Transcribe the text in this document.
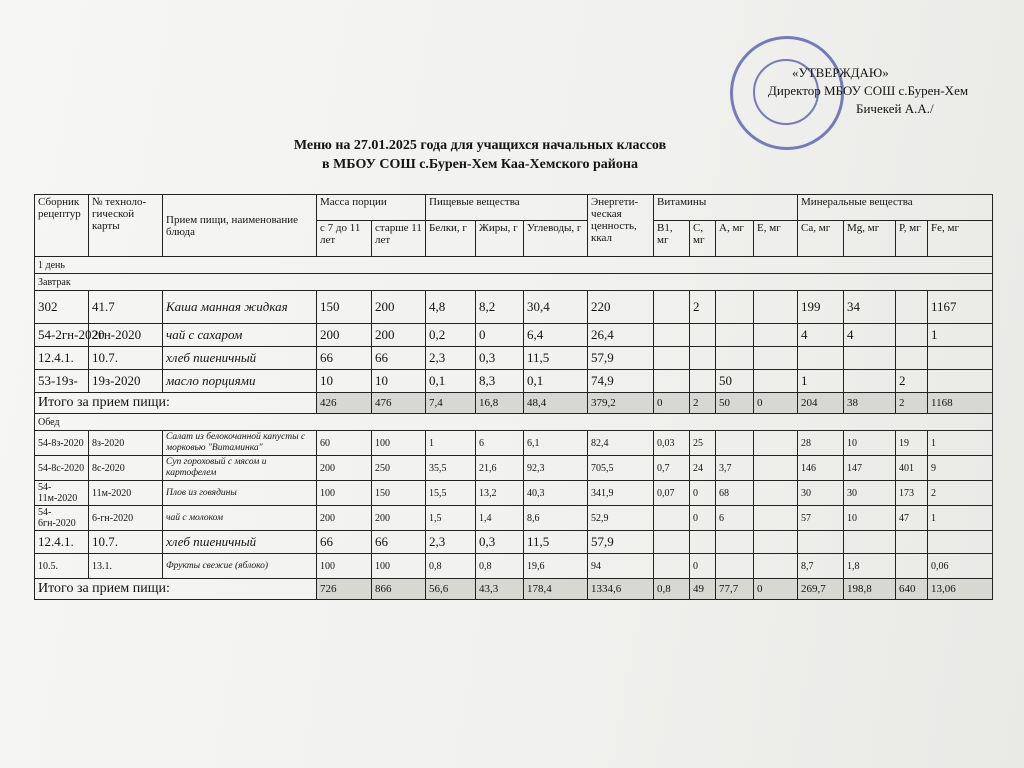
«УТВЕРЖДАЮ»
Директор МБОУ СОШ с.Бурен-Хем
Бичекей А.А./
Меню на 27.01.2025 года для учащихся начальных классов
в МБОУ СОШ с.Бурен-Хем Каа-Хемского района
Сборник рецептур	№ техноло-гической карты	Прием пищи, наименование блюда	Масса порции		Пищевые вещества			Энергети-ческая ценность, ккал	Витамины				Минеральные вещества			
			с 7 до 11 лет	старше 11 лет	Белки, г	Жиры, г	Углеводы, г		В1, мг	С, мг	А, мг	Е, мг	Са, мг	Mg, мг	Р, мг	Fe, мг
1 день																
Завтрак																
302	41.7	Каша манная жидкая	150	200	4,8	8,2	30,4	220		2			199	34		1167
54-2гн-2020	2гн-2020	чай с сахаром	200	200	0,2	0	6,4	26,4					4	4		1
12.4.1.	10.7.	хлеб пшеничный	66	66	2,3	0,3	11,5	57,9								
53-19з-	19з-2020	масло порциями	10	10	0,1	8,3	0,1	74,9			50		1		2	
Итого за прием пищи:			426	476	7,4	16,8	48,4	379,2	0	2	50	0	204	38	2	1168
Обед																
54-8з-2020	8з-2020	Салат из белокочанной капусты с морковью "Витаминка"	60	100	1	6	6,1	82,4	0,03	25			28	10	19	1
54-8с-2020	8с-2020	Суп гороховый с мясом и картофелем	200	250	35,5	21,6	92,3	705,5	0,7	24	3,7		146	147	401	9
54-11м-2020	11м-2020	Плов из говядины	100	150	15,5	13,2	40,3	341,9	0,07	0	68		30	30	173	2
54-6гн-2020	6-гн-2020	чай с молоком	200	200	1,5	1,4	8,6	52,9		0	6		57	10	47	1
12.4.1.	10.7.	хлеб пшеничный	66	66	2,3	0,3	11,5	57,9								
10.5.	13.1.	Фрукты свежие (яблоко)	100	100	0,8	0,8	19,6	94		0			8,7	1,8		0,06
Итого за прием пищи:			726	866	56,6	43,3	178,4	1334,6	0,8	49	77,7	0	269,7	198,8	640	13,06
